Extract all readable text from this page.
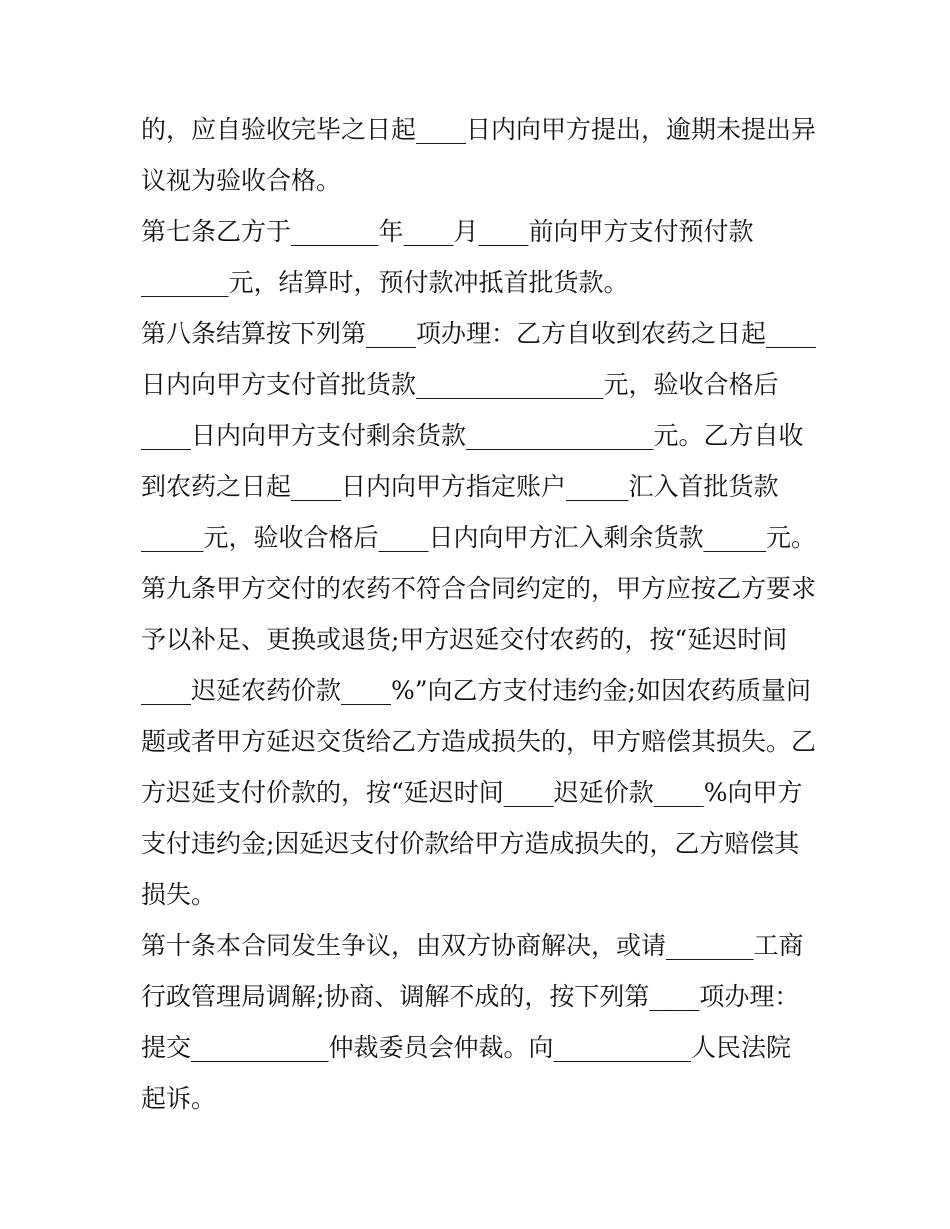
的，应自验收完毕之日起____日内向甲方提出，逾期未提出异
议视为验收合格。
第七条乙方于_______年____月____前向甲方支付预付款
_______元，结算时，预付款冲抵首批货款。
第八条结算按下列第____项办理：乙方自收到农药之日起____
日内向甲方支付首批货款_______________元，验收合格后
____日内向甲方支付剩余货款_______________元。乙方自收
到农药之日起____日内向甲方指定账户_____汇入首批货款
_____元，验收合格后____日内向甲方汇入剩余货款_____元。
第九条甲方交付的农药不符合合同约定的，甲方应按乙方要求
予以补足、更换或退货;甲方迟延交付农药的，按“延迟时间
____迟延农药价款____%”向乙方支付违约金;如因农药质量问
题或者甲方延迟交货给乙方造成损失的，甲方赔偿其损失。乙
方迟延支付价款的，按“延迟时间____迟延价款____%向甲方
支付违约金;因延迟支付价款给甲方造成损失的，乙方赔偿其
损失。
第十条本合同发生争议，由双方协商解决，或请_______工商
行政管理局调解;协商、调解不成的，按下列第____项办理：
提交___________仲裁委员会仲裁。向___________人民法院
起诉。
